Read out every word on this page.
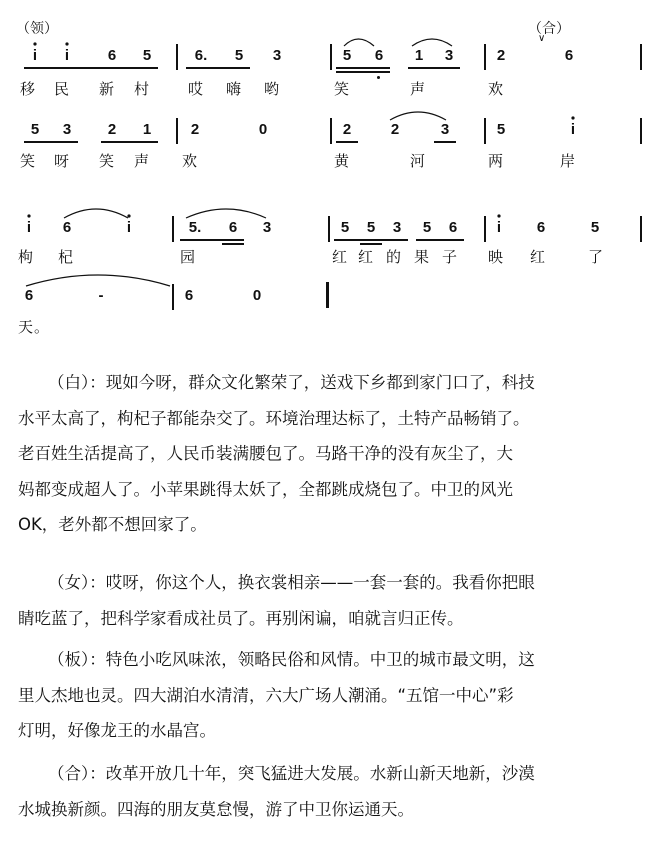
（领）	（合）
∨
i	i	6	5	6.	5	3	5	6	1	3	2	6
移 民 新 村	哎 嗨 哟	笑	声	欢
5	3	2	1	2	0	2	2	3	5	i
笑 呀 笑 声 欢	黄	河	两	岸
i	6	i	5.	6	3	5	5	3	5	6	i	6	5
枸 杞	园	红 红 的 果 子 映 红	了
6	-	6	0
天。
（白）：现如今呀，群众文化繁荣了，送戏下乡都到家门口了，科技
水平太高了，枸杞子都能杂交了。环境治理达标了，土特产品畅销了。
老百姓生活提高了，人民币装满腰包了。马路干净的没有灰尘了，大
妈都变成超人了。小苹果跳得太妖了，全都跳成烧包了。中卫的风光
OK，老外都不想回家了。
（女）：哎呀，你这个人，换衣裳相亲——一套一套的。我看你把眼
睛吃蓝了，把科学家看成社员了。再别闲谝，咱就言归正传。
（板）：特色小吃风味浓，领略民俗和风情。中卫的城市最文明，这
里人杰地也灵。四大湖泊水清清，六大广场人潮涌。“五馆一中心”彩
灯明，好像龙王的水晶宫。
（合）：改革开放几十年，突飞猛进大发展。水新山新天地新，沙漠
水城换新颜。四海的朋友莫怠慢，游了中卫你运通天。
